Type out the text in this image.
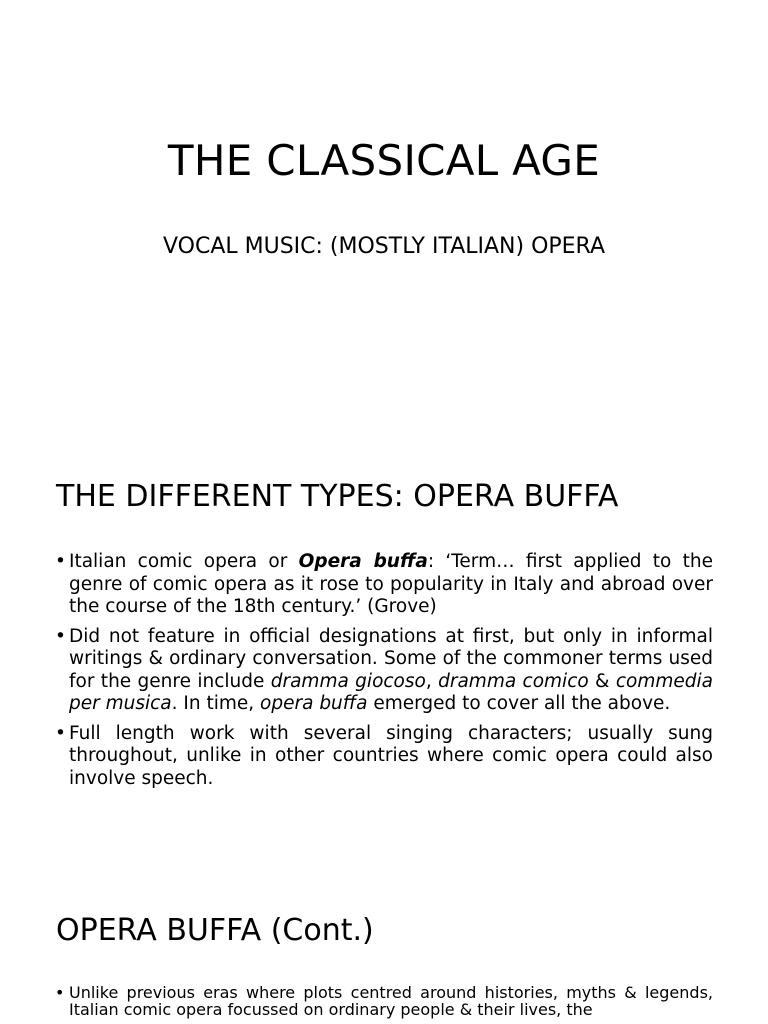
THE CLASSICAL AGE
VOCAL MUSIC: (MOSTLY ITALIAN) OPERA
THE DIFFERENT TYPES: OPERA BUFFA
• Italian comic opera or Opera buffa: ‘Term… first applied to the genre of comic opera as it rose to popularity in Italy and abroad over the course of the 18th century.’ (Grove)
• Did not feature in official designations at first, but only in informal writings & ordinary conversation. Some of the commoner terms used for the genre include dramma giocoso, dramma comico & commedia per musica. In time, opera buffa emerged to cover all the above.
• Full length work with several singing characters; usually sung throughout, unlike in other countries where comic opera could also involve speech.
OPERA BUFFA (Cont.)
• Unlike previous eras where plots centred around histories, myths & legends, Italian comic opera focussed on ordinary people & their lives, the
